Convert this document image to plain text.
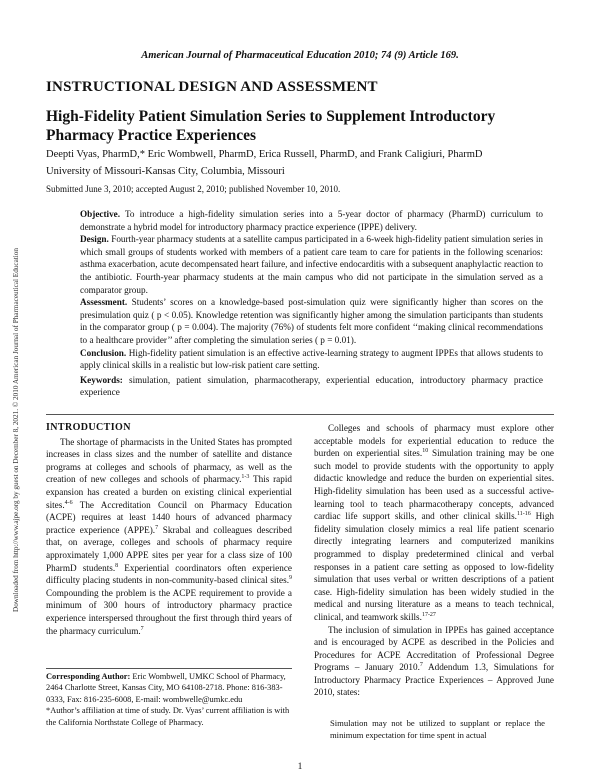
Downloaded from http://www.ajpe.org by guest on December 8, 2021. © 2010 American Journal of Pharmaceutical Education
American Journal of Pharmaceutical Education 2010; 74 (9) Article 169.
INSTRUCTIONAL DESIGN AND ASSESSMENT
High-Fidelity Patient Simulation Series to Supplement Introductory
Pharmacy Practice Experiences
Deepti Vyas, PharmD,* Eric Wombwell, PharmD, Erica Russell, PharmD, and Frank Caligiuri, PharmD
University of Missouri-Kansas City, Columbia, Missouri
Submitted June 3, 2010; accepted August 2, 2010; published November 10, 2010.

Objective. To introduce a high-fidelity simulation series into a 5-year doctor of pharmacy (PharmD) curriculum to demonstrate a hybrid model for introductory pharmacy practice experience (IPPE) delivery.

Design. Fourth-year pharmacy students at a satellite campus participated in a 6-week high-fidelity patient simulation series in which small groups of students worked with members of a patient care team to care for patients in the following scenarios: asthma exacerbation, acute decompensated heart failure, and infective endocarditis with a subsequent anaphylactic reaction to the antibiotic. Fourth-year pharmacy students at the main campus who did not participate in the simulation served as a comparator group.

Assessment. Students’ scores on a knowledge-based post-simulation quiz were significantly higher than scores on the presimulation quiz ( p < 0.05). Knowledge retention was significantly higher among the simulation participants than students in the comparator group ( p = 0.004). The majority (76%) of students felt more confident ‘‘making clinical recommendations to a healthcare provider’’ after completing the simulation series ( p = 0.01).

Conclusion. High-fidelity patient simulation is an effective active-learning strategy to augment IPPEs that allows students to apply clinical skills in a realistic but low-risk patient care setting.

Keywords: simulation, patient simulation, pharmacotherapy, experiential education, introductory pharmacy practice experience

INTRODUCTION

The shortage of pharmacists in the United States has prompted increases in class sizes and the number of satellite and distance programs at colleges and schools of pharmacy, as well as the creation of new colleges and schools of pharmacy.$^{1-3}$ This rapid expansion has created a burden on existing clinical experiential sites.$^{4-6}$ The Accreditation Council on Pharmacy Education (ACPE) requires at least 1440 hours of advanced pharmacy practice experience (APPE).$^7$ Skrabal and colleagues described that, on average, colleges and schools of pharmacy require approximately 1,000 APPE sites per year for a class size of 100 PharmD students.$^8$ Experiential coordinators often experience difficulty placing students in non-community-based clinical sites.$^9$ Compounding the problem is the ACPE requirement to provide a minimum of 300 hours of introductory pharmacy practice experience interspersed throughout the first through third years of the pharmacy curriculum.$^7$

Corresponding Author: Eric Wombwell, UMKC School of Pharmacy, 2464 Charlotte Street, Kansas City, MO 64108-2718. Phone: 816-383-0333, Fax: 816-235-6008, E-mail: wombwelle@umkc.edu

*Author’s affiliation at time of study. Dr. Vyas’ current affiliation is with the California Northstate College of Pharmacy.

Colleges and schools of pharmacy must explore other acceptable models for experiential education to reduce the burden on experiential sites.$^{10}$ Simulation training may be one such model to provide students with the opportunity to apply didactic knowledge and reduce the burden on experiential sites. High-fidelity simulation has been used as a successful active-learning tool to teach pharmacotherapy concepts, advanced cardiac life support skills, and other clinical skills.$^{11-16}$ High fidelity simulation closely mimics a real life patient scenario directly integrating learners and computerized manikins programmed to display predetermined clinical and verbal responses in a patient care setting as opposed to low-fidelity simulation that uses verbal or written descriptions of a patient case. High-fidelity simulation has been widely studied in the medical and nursing literature as a means to teach technical, clinical, and teamwork skills.$^{17-27}$

The inclusion of simulation in IPPEs has gained acceptance and is encouraged by ACPE as described in the Policies and Procedures for ACPE Accreditation of Professional Degree Programs – January 2010.$^7$ Addendum 1.3, Simulations for Introductory Pharmacy Practice Experiences – Approved June 2010, states:

Simulation may not be utilized to supplant or replace the minimum expectation for time spent in actual
1
